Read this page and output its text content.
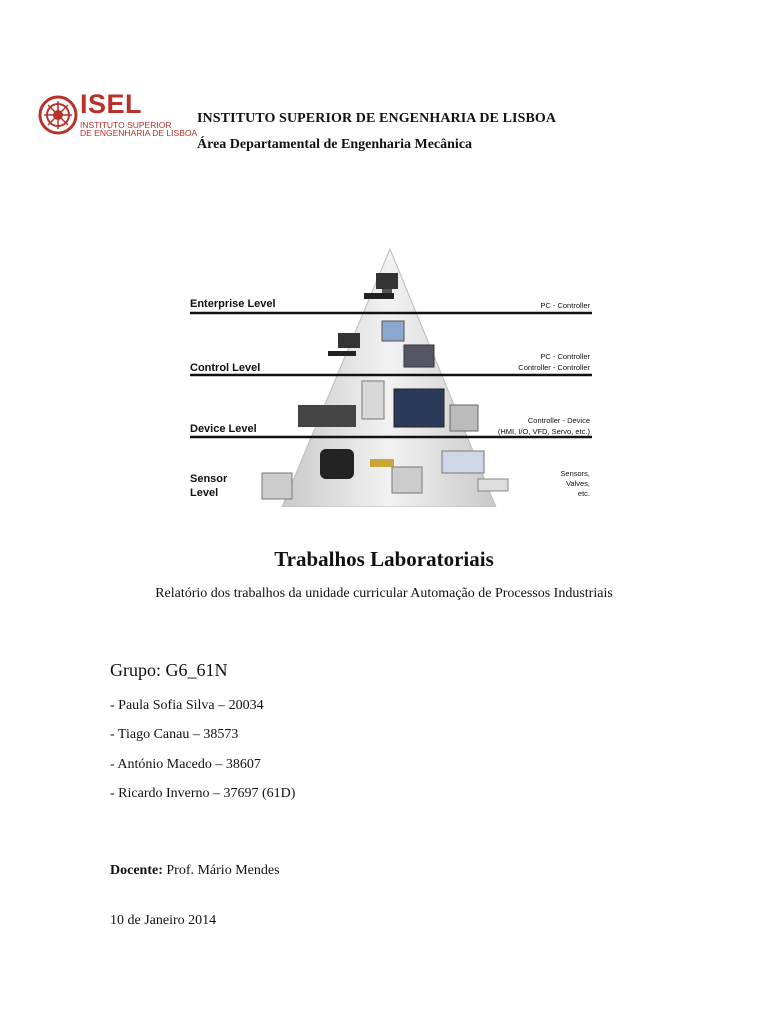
ISEL
INSTITUTO SUPERIOR
DE ENGENHARIA DE LISBOA
INSTITUTO SUPERIOR DE ENGENHARIA DE LISBOA
Área Departamental de Engenharia Mecânica
Enterprise Level	PC - Controller
Control Level
PC - Controller
Controller - Controller
Device Level
Controller - Device
(HMI, I/O, VFD, Servo, etc.)
Sensor
Level
Sensors,
Valves,
etc.
Trabalhos Laboratoriais
Relatório dos trabalhos da unidade curricular Automação de Processos Industriais
Grupo: G6_61N
- Paula Sofia Silva – 20034
- Tiago Canau – 38573
- António Macedo – 38607
- Ricardo Inverno – 37697 (61D)
Docente: Prof. Mário Mendes
10 de Janeiro 2014
